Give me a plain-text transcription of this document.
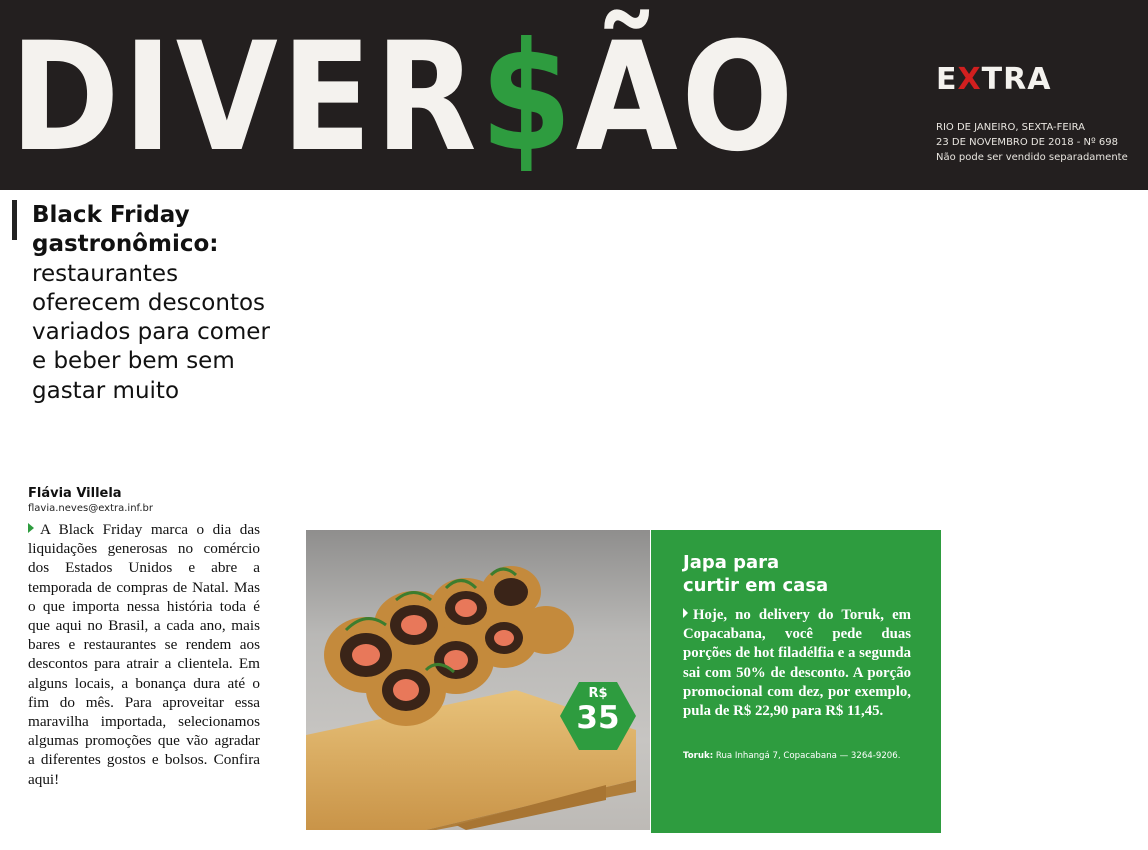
DIVER$ÃO	EXTRA
RIO DE JANEIRO, SEXTA-FEIRA
23 DE NOVEMBRO DE 2018 - Nº 698
Não pode ser vendido separadamente
Black Friday gastronômico: restaurantes oferecem descontos variados para comer e beber bem sem gastar muito
Flávia Villela
flavia.neves@extra.inf.br
A Black Friday marca o dia das liquidações generosas no comércio dos Estados Unidos e abre a temporada de compras de Natal. Mas o que importa nessa história toda é que aqui no Brasil, a cada ano, mais bares e restaurantes se rendem aos descontos para atrair a clientela. Em alguns locais, a bonança dura até o fim do mês. Para aproveitar essa maravilha importada, selecionamos algumas promoções que vão agradar a diferentes gostos e bolsos. Confira aqui!
R$
35
Japa para
curtir em casa
Hoje, no delivery do Toruk, em Copacabana, você pede duas porções de hot filadélfia e a segunda sai com 50% de desconto. A porção promocional com dez, por exemplo, pula de R$ 22,90 para R$ 11,45.
Toruk: Rua Inhangá 7, Copacabana — 3264-9206.
